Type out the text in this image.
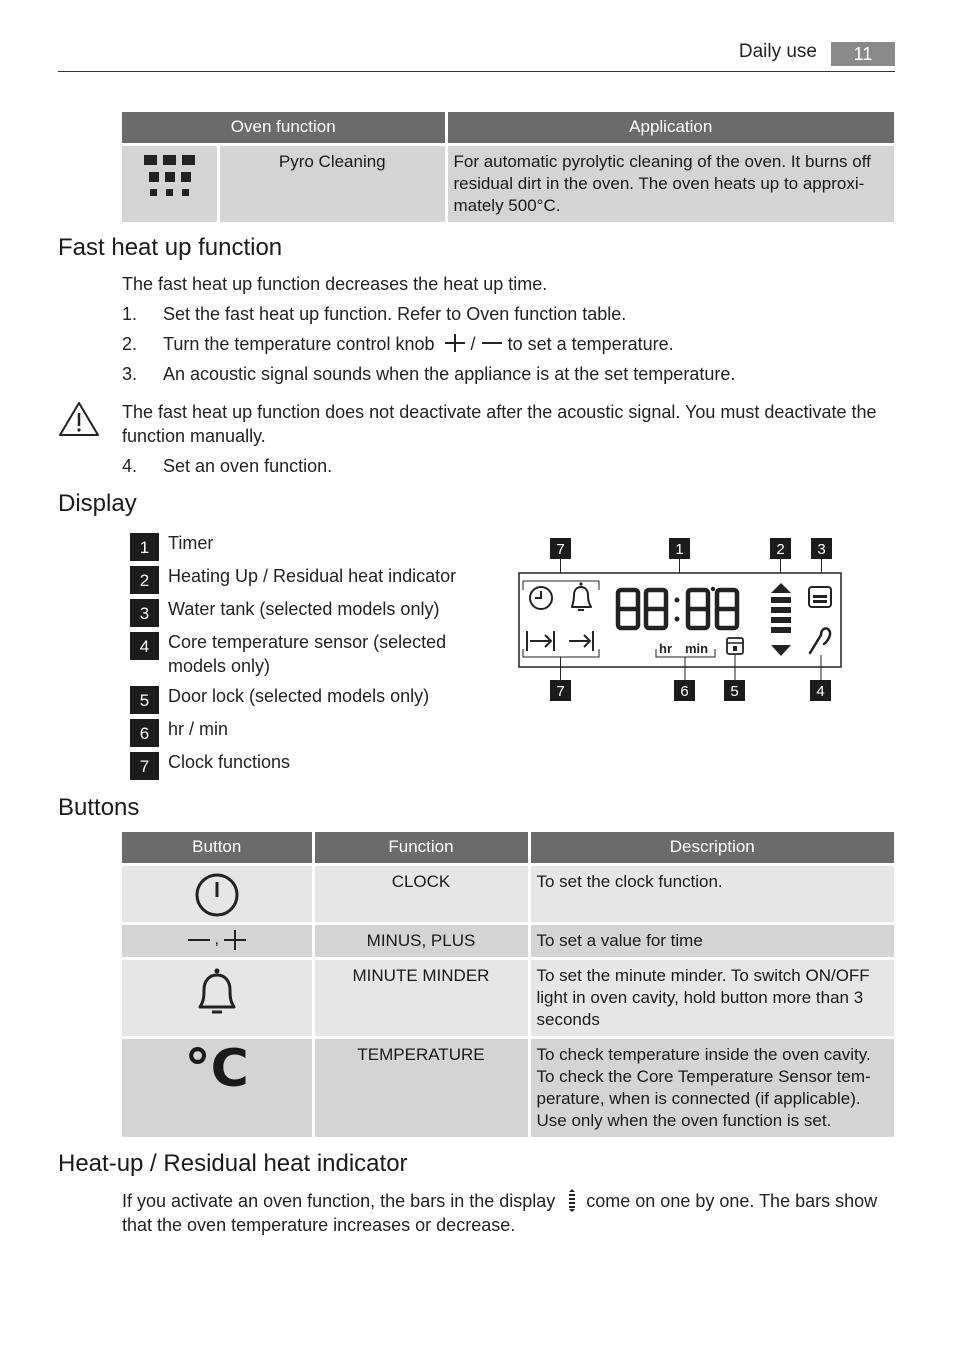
Daily use	11
Oven function	Application

Pyro Cleaning	For automatic pyrolytic cleaning of the oven. It burns off residual dirt in the oven. The oven heats up to approxi-mately 500°C.
Fast heat up function
The fast heat up function decreases the heat up time.
1. Set the fast heat up function. Refer to Oven function table.
2. Turn the temperature control knob / to set a temperature.
3. An acoustic signal sounds when the appliance is at the set temperature.
The fast heat up function does not deactivate after the acoustic signal. You must deactivate the function manually.
4. Set an oven function.
Display
1	Timer
2	Heating Up / Residual heat indicator
3	Water tank (selected models only)
4	Core temperature sensor (selected models only)
5	Door lock (selected models only)
6	hr / min
7	Clock functions
7	1	2 3
hr min
7	6	5	4
Buttons
Button	Function	Description

	CLOCK	To set the clock function.

,	MINUS, PLUS	To set a value for time

	MINUTE MINDER	To set the minute minder. To switch ON/OFF light in oven cavity, hold button more than 3 seconds

°C	TEMPERATURE	To check temperature inside the oven cavity. To check the Core Temperature Sensor tem-perature, when is connected (if applicable). Use only when the oven function is set.
Heat-up / Residual heat indicator
If you activate an oven function, the bars in the display come on one by one. The bars show that the oven temperature increases or decrease.
